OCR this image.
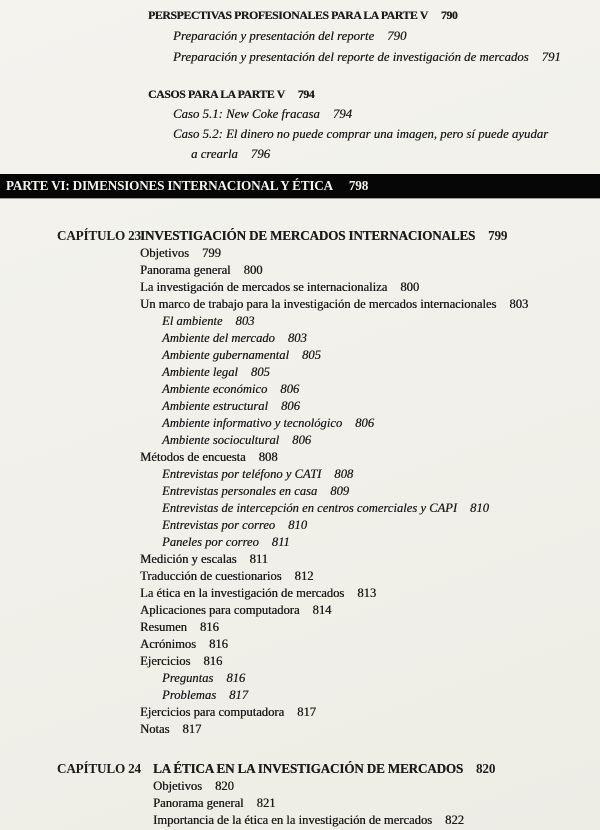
PERSPECTIVAS PROFESIONALES PARA LA PARTE V 790
Preparación y presentación del reporte 790
Preparación y presentación del reporte de investigación de mercados 791
CASOS PARA LA PARTE V 794
Caso 5.1: New Coke fracasa 794
Caso 5.2: El dinero no puede comprar una imagen, pero sí puede ayudar
a crearla 796
PARTE VI: DIMENSIONES INTERNACIONAL Y ÉTICA 798
CAPÍTULO 23INVESTIGACIÓN DE MERCADOS INTERNACIONALES 799
Objetivos 799
Panorama general 800
La investigación de mercados se internacionaliza 800
Un marco de trabajo para la investigación de mercados internacionales 803
El ambiente 803
Ambiente del mercado 803
Ambiente gubernamental 805
Ambiente legal 805
Ambiente económico 806
Ambiente estructural 806
Ambiente informativo y tecnológico 806
Ambiente sociocultural 806
Métodos de encuesta 808
Entrevistas por teléfono y CATI 808
Entrevistas personales en casa 809
Entrevistas de intercepción en centros comerciales y CAPI 810
Entrevistas por correo 810
Paneles por correo 811
Medición y escalas 811
Traducción de cuestionarios 812
La ética en la investigación de mercados 813
Aplicaciones para computadora 814
Resumen 816
Acrónimos 816
Ejercicios 816
Preguntas 816
Problemas 817
Ejercicios para computadora 817
Notas 817
CAPÍTULO 24 LA ÉTICA EN LA INVESTIGACIÓN DE MERCADOS 820
Objetivos 820
Panorama general 821
Importancia de la ética en la investigación de mercados 822
